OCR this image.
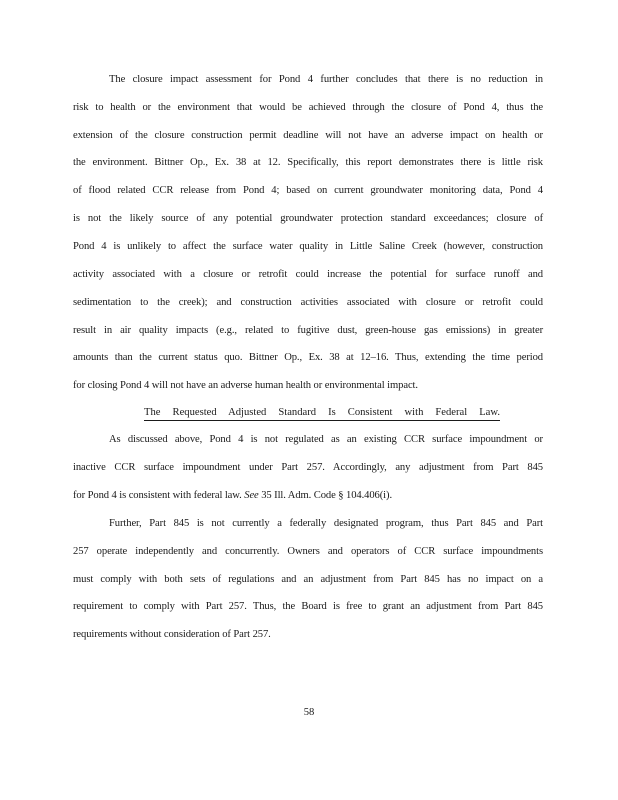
The closure impact assessment for Pond 4 further concludes that there is no reduction in
risk to health or the environment that would be achieved through the closure of Pond 4, thus the
extension of the closure construction permit deadline will not have an adverse impact on health or
the environment. Bittner Op., Ex. 38 at 12. Specifically, this report demonstrates there is little risk
of flood related CCR release from Pond 4; based on current groundwater monitoring data, Pond 4
is not the likely source of any potential groundwater protection standard exceedances; closure of
Pond 4 is unlikely to affect the surface water quality in Little Saline Creek (however, construction
activity associated with a closure or retrofit could increase the potential for surface runoff and
sedimentation to the creek); and construction activities associated with closure or retrofit could
result in air quality impacts (e.g., related to fugitive dust, green-house gas emissions) in greater
amounts than the current status quo. Bittner Op., Ex. 38 at 12–16. Thus, extending the time period
for closing Pond 4 will not have an adverse human health or environmental impact.
The Requested Adjusted Standard Is Consistent with Federal Law.
As discussed above, Pond 4 is not regulated as an existing CCR surface impoundment or
inactive CCR surface impoundment under Part 257. Accordingly, any adjustment from Part 845
for Pond 4 is consistent with federal law. See 35 Ill. Adm. Code § 104.406(i).
Further, Part 845 is not currently a federally designated program, thus Part 845 and Part
257 operate independently and concurrently. Owners and operators of CCR surface impoundments
must comply with both sets of regulations and an adjustment from Part 845 has no impact on a
requirement to comply with Part 257. Thus, the Board is free to grant an adjustment from Part 845
requirements without consideration of Part 257.
58
